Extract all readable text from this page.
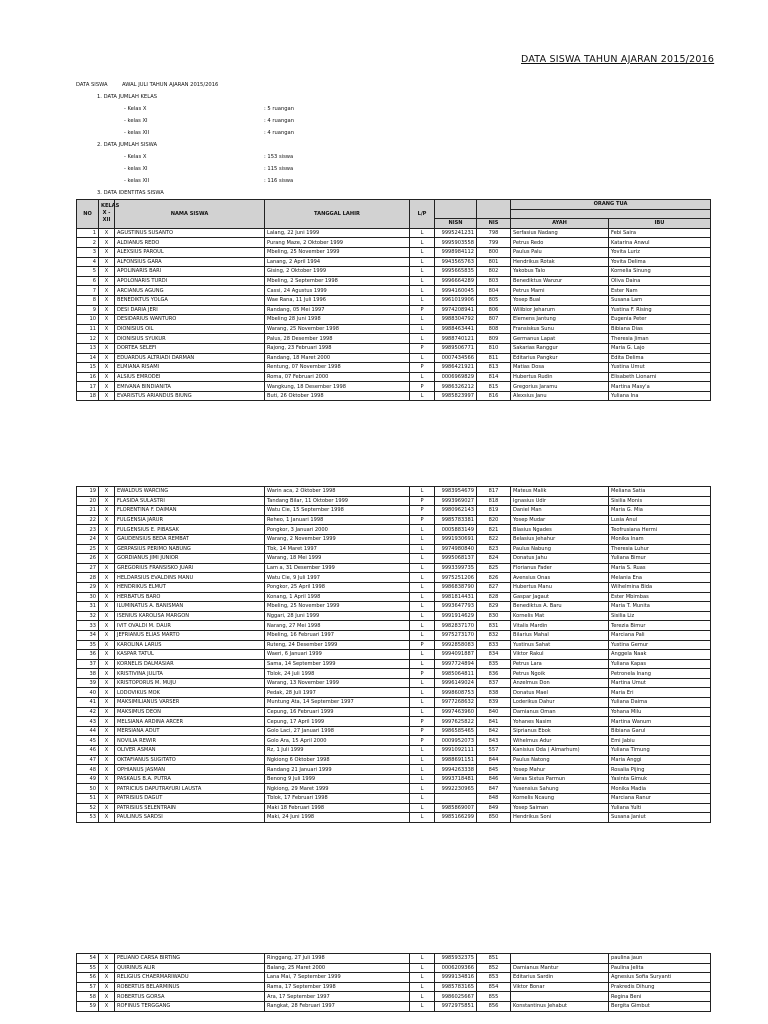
DATA SISWA TAHUN AJARAN 2015/2016
DATA SISWA	AWAL JULI TAHUN AJARAN 2015/2016
1. DATA JUMLAH KELAS
- Kelas X	: 5 ruangan
- kelas XI	: 4 ruangan
- kelas XII	: 4 ruangan
2. DATA JUMLAH SISWA
- Kelas X	: 153 siswa
- kelas XI	: 115 siswa
- kelas XII	: 116 siswa
3. DATA IDENTITAS SISWA
NO	KELAS X - XII	NAMA SISWA	TANGGAL LAHIR	L/P			ORANG TUA	

					NISN	NIS	AYAH	IBU
1	X	AGUSTINUS SUSANTO	Lalang, 22 Juni 1999	L	9995241231	798	Serfasius Nadang	Febi Saira
2	X	ALDIANUS REDO	Purang Maze, 2 Oktober 1999	L	9995903558	799	Petrus Redo	Katarina Anwul
3	X	ALEXSIUS PAROUL	Mbeling, 25 November 1999	L	9998984112	800	Paulus Palu	Yovita Luriz
4	X	ALFONSIUS GARA	Lanang, 2 April 1994	L	9943565763	801	Hendrikus Rotak	Yovita Delima
5	X	APOLINARIS BARI	Gising, 2 Oktober 1999	L	9995665835	802	Yakobus Talo	Kornelia Sinung
6	X	APOLONARIS TURDI	Mbeling, 2 September 1998	L	9996664289	803	Benediktus Wanzur	Oliva Daina
7	X	ARCIANUS AGUNG	Cassi, 24 Agustus 1999	L	9994160045	804	Petrus Mami	Ester Nam
8	X	BENEDIKTUS YOLGA	Wae Rana, 11 Juli 1996	L	9961019906	805	Yosep Bual	Susana Lam
9	X	DESI DARIA JERI	Randang, 05 Mei 1997	P	9974208941	806	Wilibior Jeharum	Yustina F. Rising
10	X	DESIDARIUS WANTURO	Mbeling 28 Juni 1998	L	9988304792	807	Elemens Jantung	Eugenia Peter
11	X	DIONISIUS OIL	Warang, 25 November 1998	L	9988463441	808	Fransiskus Sunu	Bibiana Dias
12	X	DIONISIUS SYUKUR	Palus, 28 Desember 1998	L	9988740121	809	Germanus Lapat	Theresia Jiman
13	X	DORTEA SELEFI	Rajong, 23 Februari 1998	P	9989506771	810	Sakarias Ranggur	Maria G. Lajo
14	X	EDUARDUS ALTRIADI DARMAN	Randang, 18 Maret 2000	L	0007434566	811	Editarius Pangkur	Edita Delima
15	X	ELMIANA RISAMI	Rentung, 07 November 1998	P	9986421921	813	Matias Dosa	Yustina Umut
16	X	ALSIUS EMRODEI	Roma, 07 Februari 2000	L	0006969829	814	Hubertus Rudin	Elisabeth Lionarni
17	X	EMIVANA BINDIANITA	Wangkung, 18 Desember 1998	P	9986326212	815	Gregorius Jaramu	Martina Masy'a
18	X	EVARISTUS ARIANDUS BIUNG	Buti, 26 Oktober 1998	L	9985823997	816	Alexsius Janu	Yuliana Ina
19	X	EWALDUS WARCING	Warin aca, 2 Oktober 1998	L	9983954679	817	Mateus Malik	Meliana Satia
20	X	FLASIDA SULASTRI	Tandang Bilar, 11 Oktober 1999	P	9993969027	818	Ignasius Udir	Sisilia Monis
21	X	FLORENTINA F. DAIMAN	Watu Cie, 15 September 1998	P	9980962143	819	Daniel Man	Maria G. Mia
22	X	FULGENSIA JARUR	Reheo, 1 Januari 1998	P	9985783381	820	Yosep Mudar	Lusia Anul
23	X	FULGENSIUS E. PIBASAK	Pongkor, 3 Januari 2000	L	0005883149	821	Blasius Ngades	Teofrusiana Hermi
24	X	GAUDENSIUS BEDA REMBAT	Warang, 2 November 1999	L	9991930691	822	Belasius Jehahur	Monika Inam
25	X	GERPASIUS PERIMO NABUNG	Tbk, 14 Maret 1997	L	9974980840	823	Paulus Nabung	Theresia Luhur
26	X	GORDIANUS JIMI JUNIOR	Warang, 18 Mei 1999	L	9995068137	824	Donatus Jahu	Yuliana Bimur
27	X	GREGORIUS FRANSISKO JUARI	Lam a, 31 Desember 1999	L	9993399735	825	Florianus Fader	Maria S. Ruas
28	X	HELDARSIUS EVALDINS MANU	Watu Cie, 9 Juli 1997	L	9975251206	826	Avensius Onas	Melania Ena
29	X	HENDRIKUS ELMUT	Pongkor, 25 April 1998	L	9986838790	827	Hubertus Manu	Wilhelmina Bida
30	X	HERBATUS BARO	Konang, 1 April 1998	L	9981814431	828	Gaspar Jagaut	Ester Mbimbas
31	X	ILUMINATUS A. BANISMAN	Mbeling, 25 November 1999	L	9993647793	829	Benediktus A. Baru	Maria T. Munita
32	X	ISENIUS KAROLISA MARGON	Nggari, 28 Juni 1999	L	9991914629	830	Kornelis Mat	Sisilia Liz
33	X	IVIT OVALDI M. DAUR	Narang, 27 Mei 1998	L	9982837170	831	Vitalis Mardin	Terezia Bimur
34	X	JEFRIANUS ELIAS MARTO	Mbeling, 16 Februari 1997	L	9975273170	832	Bilarius Mahal	Marciana Pali
35	X	KAROLINA LARUS	Ruteng, 24 Desember 1999	P	9992858083	833	Yustinus Sahat	Yustina Gemur
36	X	KASPAR TATUL	Waeri, 6 Januari 1999	L	9994091887	834	Viktor Rakul	Anggela Naak
37	X	KORNELIS DALMASIAR	Sama, 14 September 1999	L	9997724894	835	Petrus Lara	Yuliana Kapas
38	X	KRISTIVINA JULITA	Tblok, 24 Juli 1998	P	9985064811	836	Petrus Ngoik	Petronela Inang
39	X	KRISTOPORUS M. MUJU	Warang, 13 November 1999	L	9996149024	837	Anzelmus Don	Martina Umut
40	X	LODOVIKUS MOK	Pedak, 28 Juli 1997	L	9998608753	838	Donatus Mael	Maria Eri
41	X	MAKSIMILIANUS VARSER	Muntung Ata, 14 September 1997	L	9977268632	839	Loderikus Dahur	Yuliana Daima
42	X	MAKSIMUS DEON	Cepung, 16 Februari 1999	L	9997463960	840	Damianus Oman	Yohana Milu
43	X	MELSIANA ARDINA ARCER	Cepung, 17 April 1999	P	9997625822	841	Yohanes Nasim	Martina Wanum
44	X	MERSIANA ADUT	Golo Laci, 27 Januari 1998	P	9986585465	842	Siprianus Ebok	Bibiana Garul
45	X	NOVILIA REWIR	Golo Ara, 15 April 2000	P	0009952073	843	Wihelmus Adur	Emi Jabiu
46	X	OLIVER ASMAN	Rz, 1 Juli 1999	L	9991092111	557	Kanisius Oda ( Almarhum)	Yuliana Timung
47	X	OKTAFIANUS SUGITATO	Ngkiong 6 Oktober 1998	L	9988691151	844	Paulus Natong	Maria Anggi
48	X	OPHIANUS JASMAN	Randang 21 Januari 1999	L	9994263338	845	Yosep Mahur	Rosalia Pijing
49	X	PASKALIS B.A. PUTRA	Benong 9 Juli 1999	L	9993718481	846	Veras Sixtus Parmun	Yasinta Gimuk
50	X	PATRICIUS DAPUTRAYURI LAUSTA	Ngkiong, 29 Maret 1999	L	9992230965	847	Yusensius Sahung	Monika Madia
51	X	PATRISIUS DAGUT	Tblok, 17 Februari 1998	L		848	Kornelis Ncaung	Marciana Ranur
52	X	PATRISIUS SELENTRAIN	Maki 18 Februari 1998	L	9985869007	849	Yosep Saiman	Yuliana Yulti
53	X	PAULINUS SARDSI	Maki, 24 Juni 1998	L	9985166299	850	Hendrikus Soni	Susana Janiut
54	X	PELIANO CARSA BIRTING	Ringgang, 27 Juli 1998	L	9985932375	851		paulina jaun
55	X	QUIRINUS ALIR	Balang, 25 Maret 2000	L	0006209366	852	Damianus Mantur	Paulina Jelita
56	X	RELIGIUS CHAERMARIWADU	Lana Mai, 7 September 1999	L	9999134816	853	Editarius Sardin	Agnesius Sofia Suryanti
57	X	ROBERTUS BELARMINUS	Rama, 17 September 1998	L	9985783165	854	Viktor Bonar	Prakredis Dihung
58	X	ROBERTUS GORSA	Ara, 17 September 1997	L	9986025667	855		Regina Beni
59	X	ROFINUS TERGGANG	Rangkat, 28 Februari 1997	L	9972975851	856	Konstantinus Jehabut	Bergita Gimbut
